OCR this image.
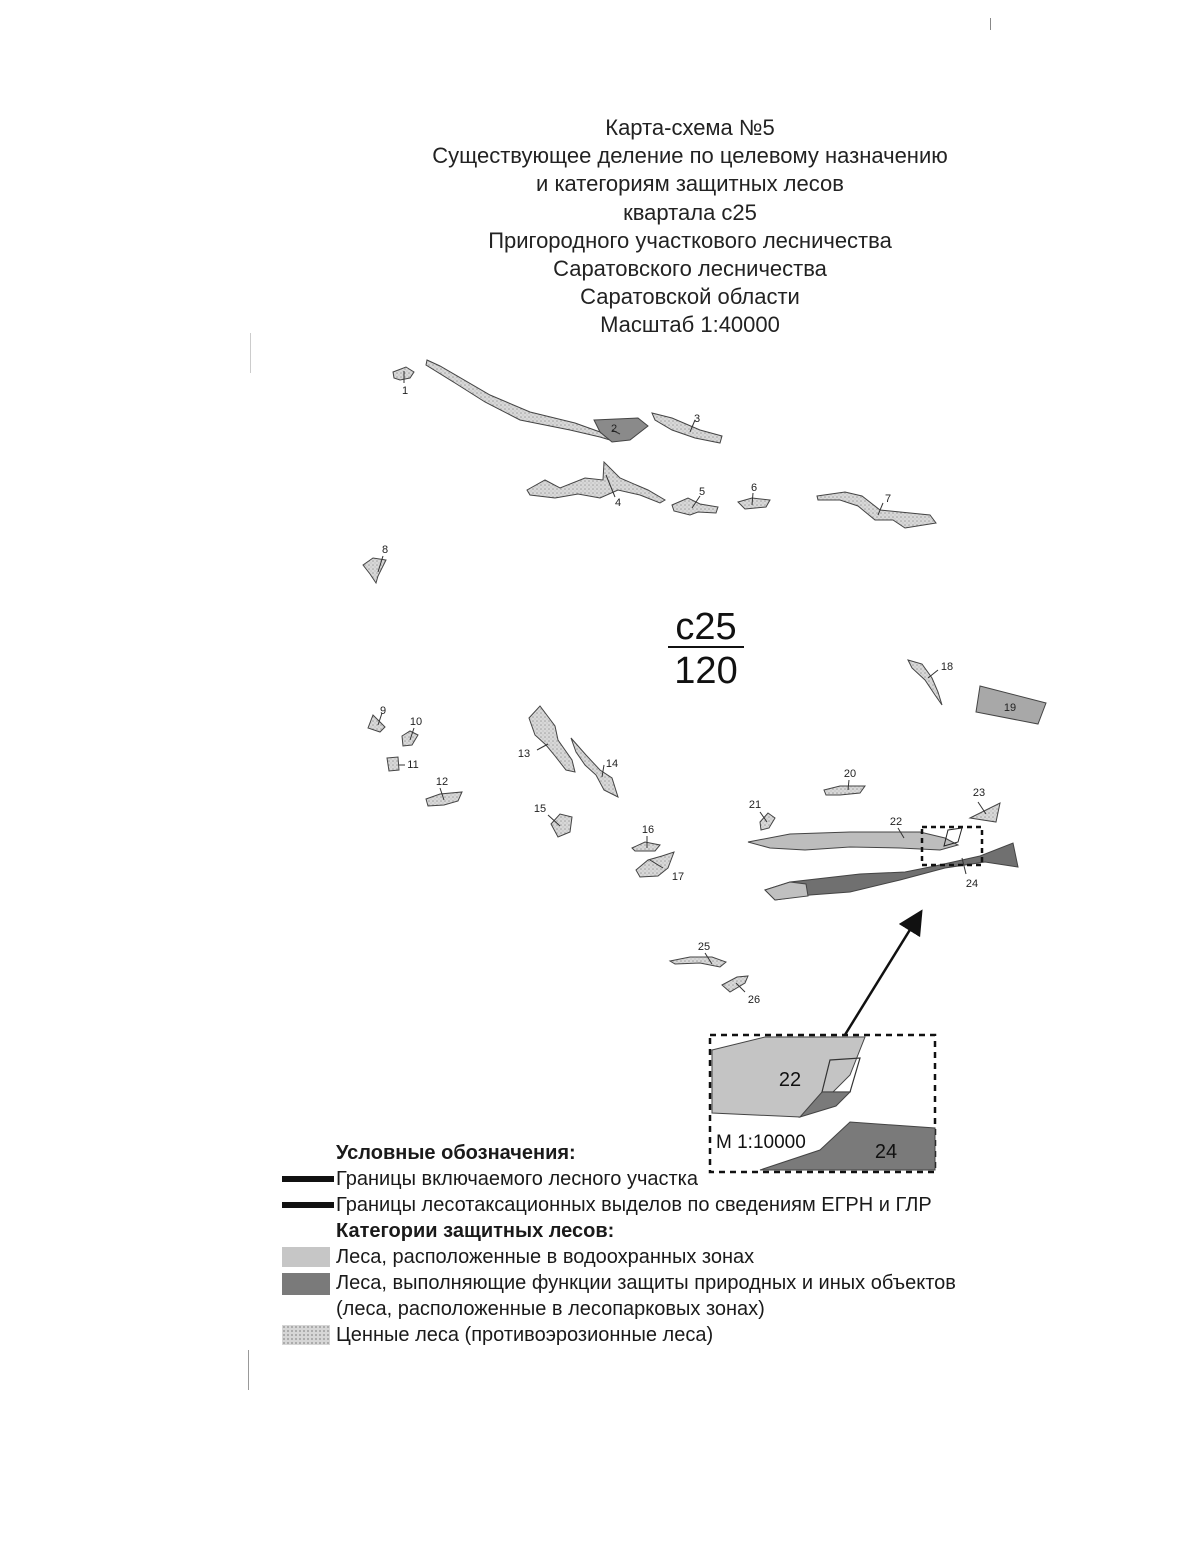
Карта-схема №5
Существующее деление по целевому назначению
и категориям защитных лесов
квартала с25
Пригородного участкового лесничества
Саратовского лесничества
Саратовской области
Масштаб 1:40000
1
2
3
4
5	6
7
8
9
10
11
12
13
14
15
16
17
18
19
20
21
22
23
24
25
26
с25
120
22
24
М 1:10000
Условные обозначения:
Границы включаемого лесного участка
Границы лесотаксационных выделов по сведениям ЕГРН и ГЛР
Категории защитных лесов:
Леса, расположенные в водоохранных зонах
Леса, выполняющие функции защиты природных и иных объектов (леса, расположенные в лесопарковых зонах)
Ценные леса (противоэрозионные леса)
